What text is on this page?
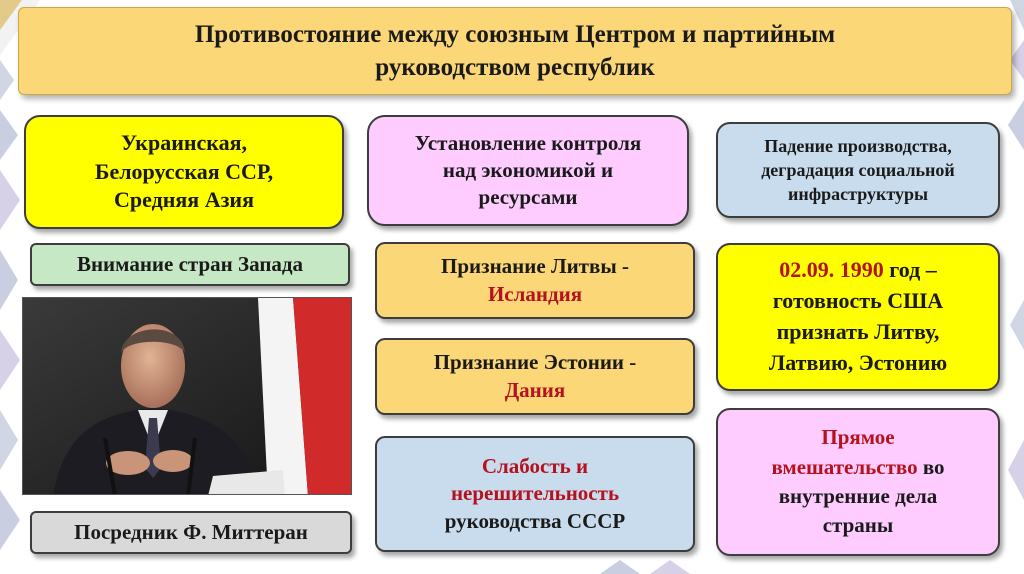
Противостояние между союзным Центром и партийным
руководством республик
Украинская,
Белорусская ССР,
Средняя Азия
Внимание стран Запада
Посредник Ф. Миттеран
Установление контроля
над экономикой и
ресурсами
Признание Литвы -
Исландия
Признание Эстонии -
Дания
Слабость и
нерешительность
руководства СССР
Падение производства,
деградация социальной
инфраструктуры
02.09. 1990 год –
готовность США
признать Литву,
Латвию, Эстонию
Прямое
вмешательство во
внутренние дела
страны
